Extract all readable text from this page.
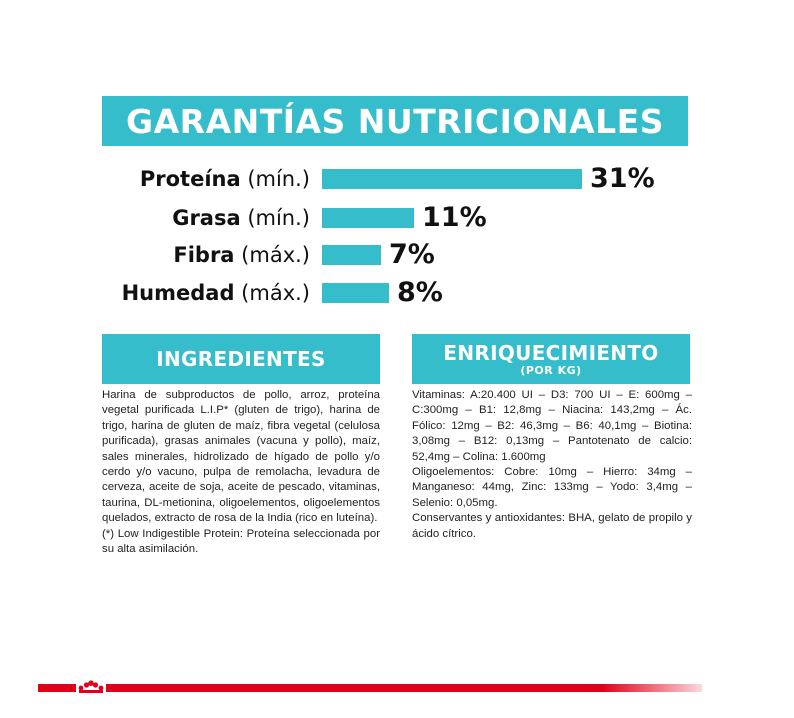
GARANTÍAS NUTRICIONALES
Proteína (mín.)	31%
Grasa (mín.)	11%
Fibra (máx.)	7%
Humedad (máx.)	8%
INGREDIENTES

Harina de subproductos de pollo, arroz, proteína vegetal purificada L.I.P* (gluten de trigo), harina de trigo, harina de gluten de maíz, fibra vegetal (celulosa purificada), grasas animales (vacuna y pollo), maíz, sales minerales, hidrolizado de hígado de pollo y/o cerdo y/o vacuno, pulpa de remolacha, levadura de cerveza, aceite de soja, aceite de pescado, vitaminas, taurina, DL-metionina, oligoelementos, oligoelementos quelados, extracto de rosa de la India (rico en luteína).

(*) Low Indigestible Protein: Proteína seleccionada por su alta asimilación.

ENRIQUECIMIENTO
(POR KG)

Vitaminas: A:20.400 UI – D3: 700 UI – E: 600mg – C:300mg – B1: 12,8mg – Niacina: 143,2mg – Ác. Fólico: 12mg – B2: 46,3mg – B6: 40,1mg – Biotina: 3,08mg – B12: 0,13mg – Pantotenato de calcio: 52,4mg – Colina: 1.600mg

Oligoelementos: Cobre: 10mg – Hierro: 34mg – Manganeso: 44mg, Zinc: 133mg – Yodo: 3,4mg – Selenio: 0,05mg.

Conservantes y antioxidantes: BHA, gelato de propilo y ácido cítrico.
